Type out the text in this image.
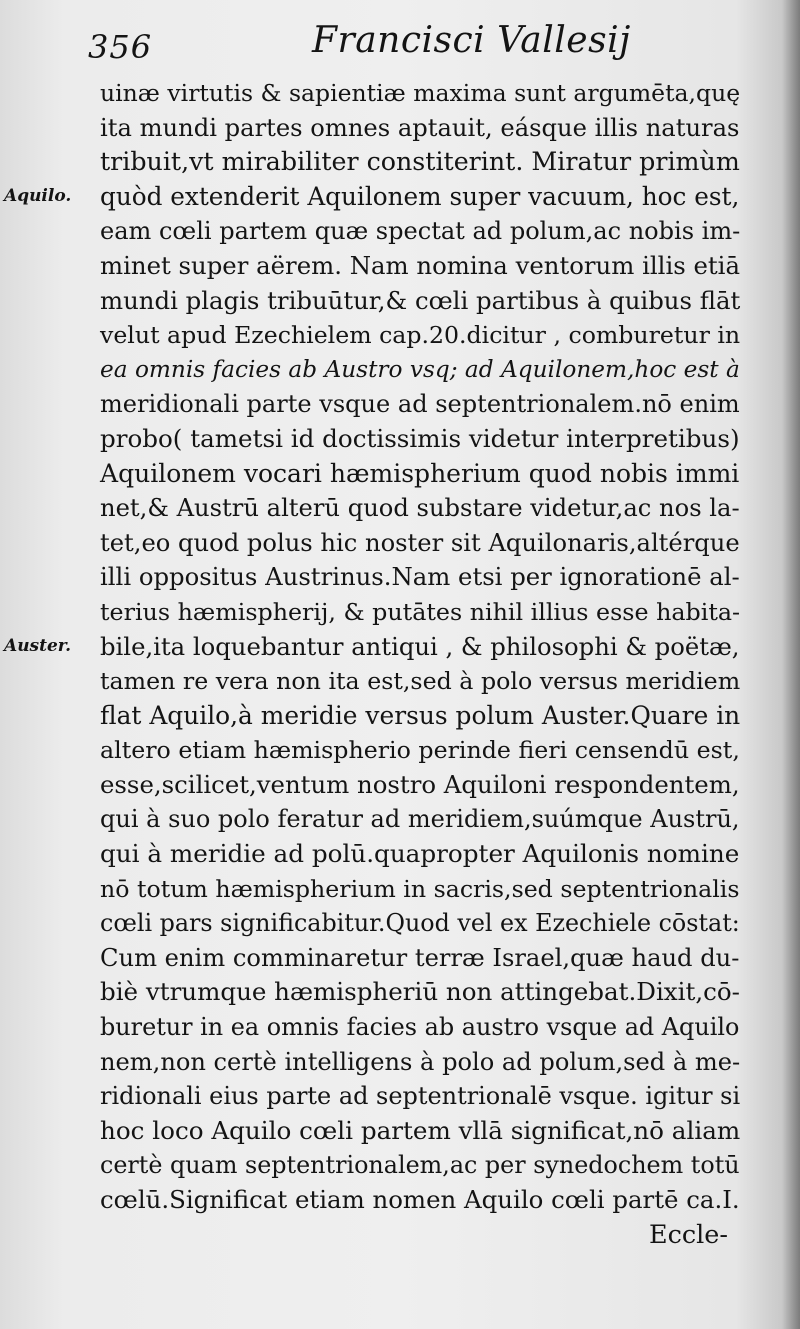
356	Francisci Vallesij
Aquilo.
Auster.
uinæ virtutis & sapientiæ maxima sunt argumēta,quę
ita mundi partes omnes aptauit, eásque illis naturas
tribuit,vt mirabiliter constiterint. Miratur primùm
quòd extenderit Aquilonem super vacuum, hoc est,
eam cœli partem quæ spectat ad polum,ac nobis im-
minet super aërem. Nam nomina ventorum illis etiā
mundi plagis tribuūtur,& cœli partibus à quibus flāt
velut apud Ezechielem cap.20.dicitur , comburetur in
ea omnis facies ab Austro vsq; ad Aquilonem,hoc est à
meridionali parte vsque ad septentrionalem.nō enim
probo( tametsi id doctissimis videtur interpretibus)
Aquilonem vocari hæmispherium quod nobis immi
net,& Austrū alterū quod substare videtur,ac nos la-
tet,eo quod polus hic noster sit Aquilonaris,altérque
illi oppositus Austrinus.Nam etsi per ignorationē al-
terius hæmispherij, & putātes nihil illius esse habita-
bile,ita loquebantur antiqui , & philosophi & poëtæ,
tamen re vera non ita est,sed à polo versus meridiem
flat Aquilo,à meridie versus polum Auster.Quare in
altero etiam hæmispherio perinde fieri censendū est,
esse,scilicet,ventum nostro Aquiloni respondentem,
qui à suo polo feratur ad meridiem,suúmque Austrū,
qui à meridie ad polū.quapropter Aquilonis nomine
nō totum hæmispherium in sacris,sed septentrionalis
cœli pars significabitur.Quod vel ex Ezechiele cōstat:
Cum enim comminaretur terræ Israel,quæ haud du-
biè vtrumque hæmispheriū non attingebat.Dixit,cō-
buretur in ea omnis facies ab austro vsque ad Aquilo
nem,non certè intelligens à polo ad polum,sed à me-
ridionali eius parte ad septentrionalē vsque. igitur si
hoc loco Aquilo cœli partem vllā significat,nō aliam
certè quam septentrionalem,ac per synedochem totū
cœlū.Significat etiam nomen Aquilo cœli partē ca.I.
Eccle-
